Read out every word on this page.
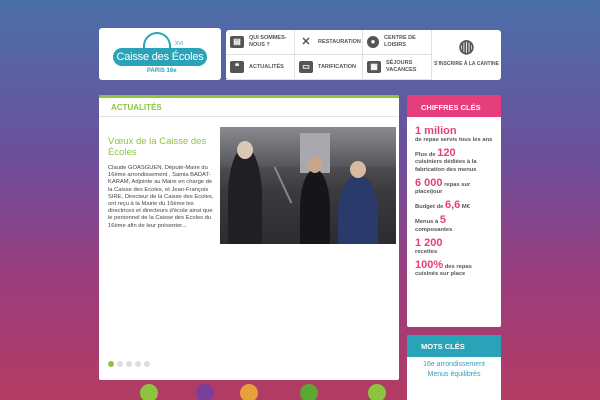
XVI
Caisse des Écoles
PARIS 16e
▤	QUI SOMMES-NOUS ?	✕	RESTAURATION	●	CENTRE DE LOISIRS
❝	ACTUALITÉS	▭	TARIFICATION	▦	SÉJOURS VACANCES
◍
S'INSCRIRE À LA CANTINE
ACTUALITÉS
Vœux de la Caisse des Écoles
Claude GOASGUEN, Député-Maire du 16ème arrondissement , Samia BADAT-KARAM, Adjointe au Maire en charge de la Caisse des Ecoles, et Jean-François SIRE, Directeur de la Caisse des Ecoles, ont reçu à la Mairie du 16ème les directrices et directeurs d'école ainsi que le personnel de la Caisse des Ecoles du 16ème afin de leur présenter...
CHIFFRES CLÉS
1 milion
de repas servis tous les ans
Plus de 120
cuisiniers dédiées à la fabrication des menus
6 000 repas sur place/jour
Budget de 6,6 M€
Menus à 5
composantes
1 200
recettes
100% des repas cuisinés sur place
MOTS CLÉS
16e arrondissement
Menus équilibrés
